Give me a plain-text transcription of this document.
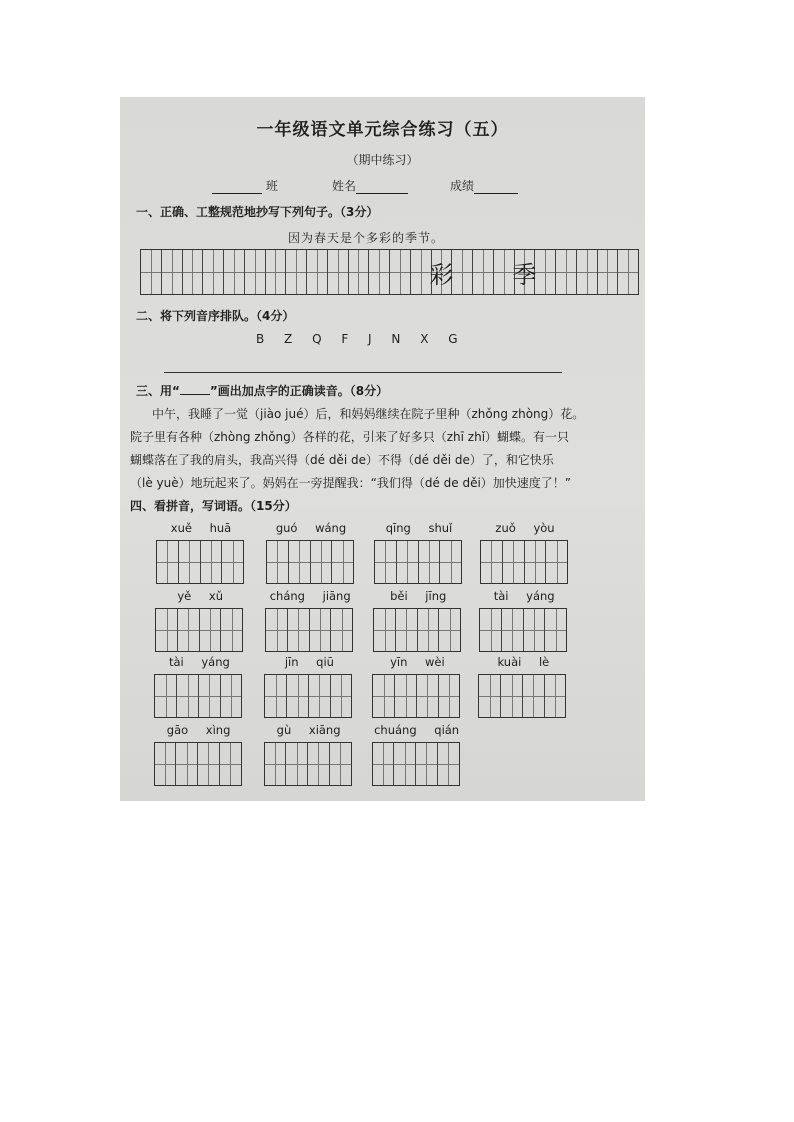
一年级语文单元综合练习（五）
（期中练习）
班	姓名	成绩
一、正确、工整规范地抄写下列句子。（3分）
因为春天是个多彩的季节。
彩 季
二、将下列音序排队。（4分）
B Z Q F J N X G
三、用“	”画出加点字的正确读音。（8分）
中午，我睡了一觉（jiào jué）后，和妈妈继续在院子里种（zhǒng zhòng）花。
院子里有各种（zhòng zhǒng）各样的花，引来了好多只（zhī zhǐ）蝴蝶。有一只
蝴蝶落在了我的肩头，我高兴得（dé děi de）不得（dé děi de）了，和它快乐
（lè yuè）地玩起来了。妈妈在一旁提醒我：“我们得（dé de děi）加快速度了！”
四、看拼音，写词语。（15分）
xuě huā	guó wáng	qīng shuǐ	zuǒ yòu
yě xǔ	cháng jiāng	běi jīng	tài yáng
tài yáng	jīn qiū	yīn wèi	kuài lè
gāo xìng	gù xiāng	chuáng qián
